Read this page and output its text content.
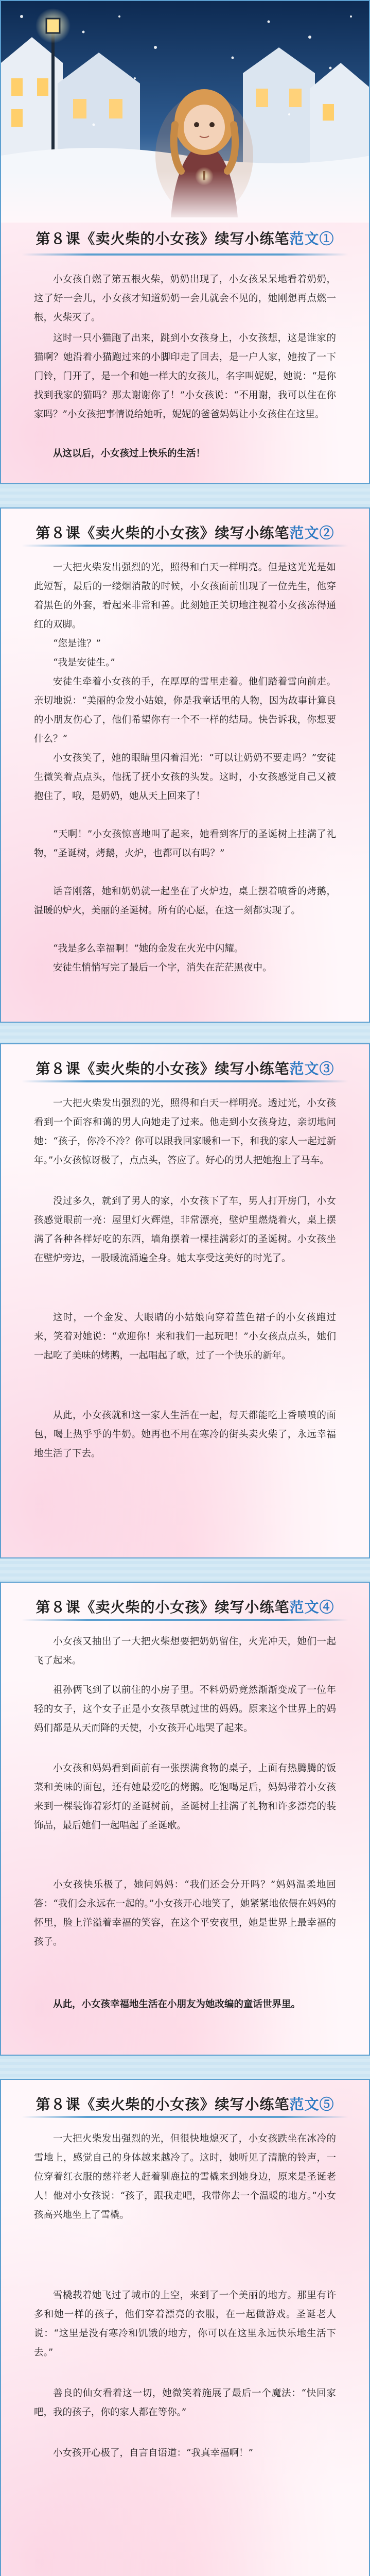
第８课《卖火柴的小女孩》续写小练笔范文①

小女孩自燃了第五根火柴，奶奶出现了，小女孩呆呆地看着奶奶，这了好一会儿，小女孩才知道奶奶一会儿就会不见的，她刚想再点燃一根，火柴灭了。

这时一只小猫跑了出来，跳到小女孩身上，小女孩想，这是谁家的猫啊？她沿着小猫跑过来的小脚印走了回去，是一户人家，她按了一下门铃，门开了，是一个和她一样大的女孩儿，名字叫妮妮，她说：“是你找到我家的猫吗？那太谢谢你了！”小女孩说：“不用谢，我可以住在你家吗？”小女孩把事情说给她听，妮妮的爸爸妈妈让小女孩住在这里。

从这以后，小女孩过上快乐的生活！

第８课《卖火柴的小女孩》续写小练笔范文②

一大把火柴发出强烈的光，照得和白天一样明亮。但是这光光是如此短暂，最后的一缕烟消散的时候，小女孩面前出现了一位先生，他穿着黑色的外套，看起来非常和善。此刻她正关切地注视着小女孩冻得通红的双脚。

“您是谁？”

“我是安徒生。”

安徒生牵着小女孩的手，在厚厚的雪里走着。他们踏着雪向前走。亲切地说：“美丽的金发小姑娘，你是我童话里的人物，因为故事计算良的小朋友伤心了，他们希望你有一个不一样的结局。快告诉我，你想要什么？”

小女孩笑了，她的眼睛里闪着泪光：“可以让奶奶不要走吗？”安徒生微笑着点点头，他抚了抚小女孩的头发。这时，小女孩感觉自己又被抱住了，哦，是奶奶，她从天上回来了！

“天啊！”小女孩惊喜地叫了起来，她看到客厅的圣诞树上挂满了礼物，“圣诞树，烤鹅，火炉，也都可以有吗？”

话音刚落，她和奶奶就一起坐在了火炉边，桌上摆着喷香的烤鹅，温暖的炉火，美丽的圣诞树。所有的心愿，在这一刻都实现了。

“我是多么幸福啊！”她的金发在火光中闪耀。

安徒生悄悄写完了最后一个字，消失在茫茫黑夜中。

第８课《卖火柴的小女孩》续写小练笔范文③

一大把火柴发出强烈的光，照得和白天一样明亮。透过光，小女孩看到一个面容和蔼的男人向她走了过来。他走到小女孩身边，亲切地问她：“孩子，你冷不冷？你可以跟我回家暖和一下，和我的家人一起过新年。”小女孩惊讶极了，点点头，答应了。好心的男人把她抱上了马车。

没过多久，就到了男人的家，小女孩下了车，男人打开房门，小女孩感觉眼前一亮：屋里灯火辉煌，非常漂亮，壁炉里燃烧着火，桌上摆满了各种各样好吃的东西，墙角摆着一棵挂满彩灯的圣诞树。小女孩坐在壁炉旁边，一股暖流涌遍全身。她太享受这美好的时光了。

这时，一个金发、大眼睛的小姑娘向穿着蓝色裙子的小女孩跑过来，笑着对她说：“欢迎你！来和我们一起玩吧！”小女孩点点头，她们一起吃了美味的烤鹅，一起唱起了歌，过了一个快乐的新年。

从此，小女孩就和这一家人生活在一起，每天都能吃上香喷喷的面包，喝上热乎乎的牛奶。她再也不用在寒冷的街头卖火柴了，永远幸福地生活了下去。

第８课《卖火柴的小女孩》续写小练笔范文④

小女孩又抽出了一大把火柴想要把奶奶留住，火光冲天，她们一起飞了起来。

祖孙俩飞到了以前住的小房子里。不料奶奶竟然渐渐变成了一位年轻的女子，这个女子正是小女孩早就过世的妈妈。原来这个世界上的妈妈们都是从天而降的天使，小女孩开心地哭了起来。

小女孩和妈妈看到面前有一张摆满食物的桌子，上面有热腾腾的饭菜和美味的面包，还有她最爱吃的烤鹅。吃饱喝足后，妈妈带着小女孩来到一棵装饰着彩灯的圣诞树前，圣诞树上挂满了礼物和许多漂亮的装饰品，最后她们一起唱起了圣诞歌。

小女孩快乐极了，她问妈妈：“我们还会分开吗？”妈妈温柔地回答：“我们会永远在一起的。”小女孩开心地笑了，她紧紧地依偎在妈妈的怀里，脸上洋溢着幸福的笑容，在这个平安夜里，她是世界上最幸福的孩子。

从此，小女孩幸福地生活在小朋友为她改编的童话世界里。

第８课《卖火柴的小女孩》续写小练笔范文⑤

一大把火柴发出强烈的光，但很快地熄灭了，小女孩跌坐在冰冷的雪地上，感觉自己的身体越来越冷了。这时，她听见了清脆的铃声，一位穿着红衣服的慈祥老人赶着驯鹿拉的雪橇来到她身边，原来是圣诞老人！他对小女孩说：“孩子，跟我走吧，我带你去一个温暖的地方。”小女孩高兴地坐上了雪橇。

雪橇载着她飞过了城市的上空，来到了一个美丽的地方。那里有许多和她一样的孩子，他们穿着漂亮的衣服，在一起做游戏。圣诞老人说：“这里是没有寒冷和饥饿的地方，你可以在这里永远快乐地生活下去。”

善良的仙女看着这一切，她微笑着施展了最后一个魔法：“快回家吧，我的孩子，你的家人都在等你。”

小女孩开心极了，自言自语道：“我真幸福啊！”
